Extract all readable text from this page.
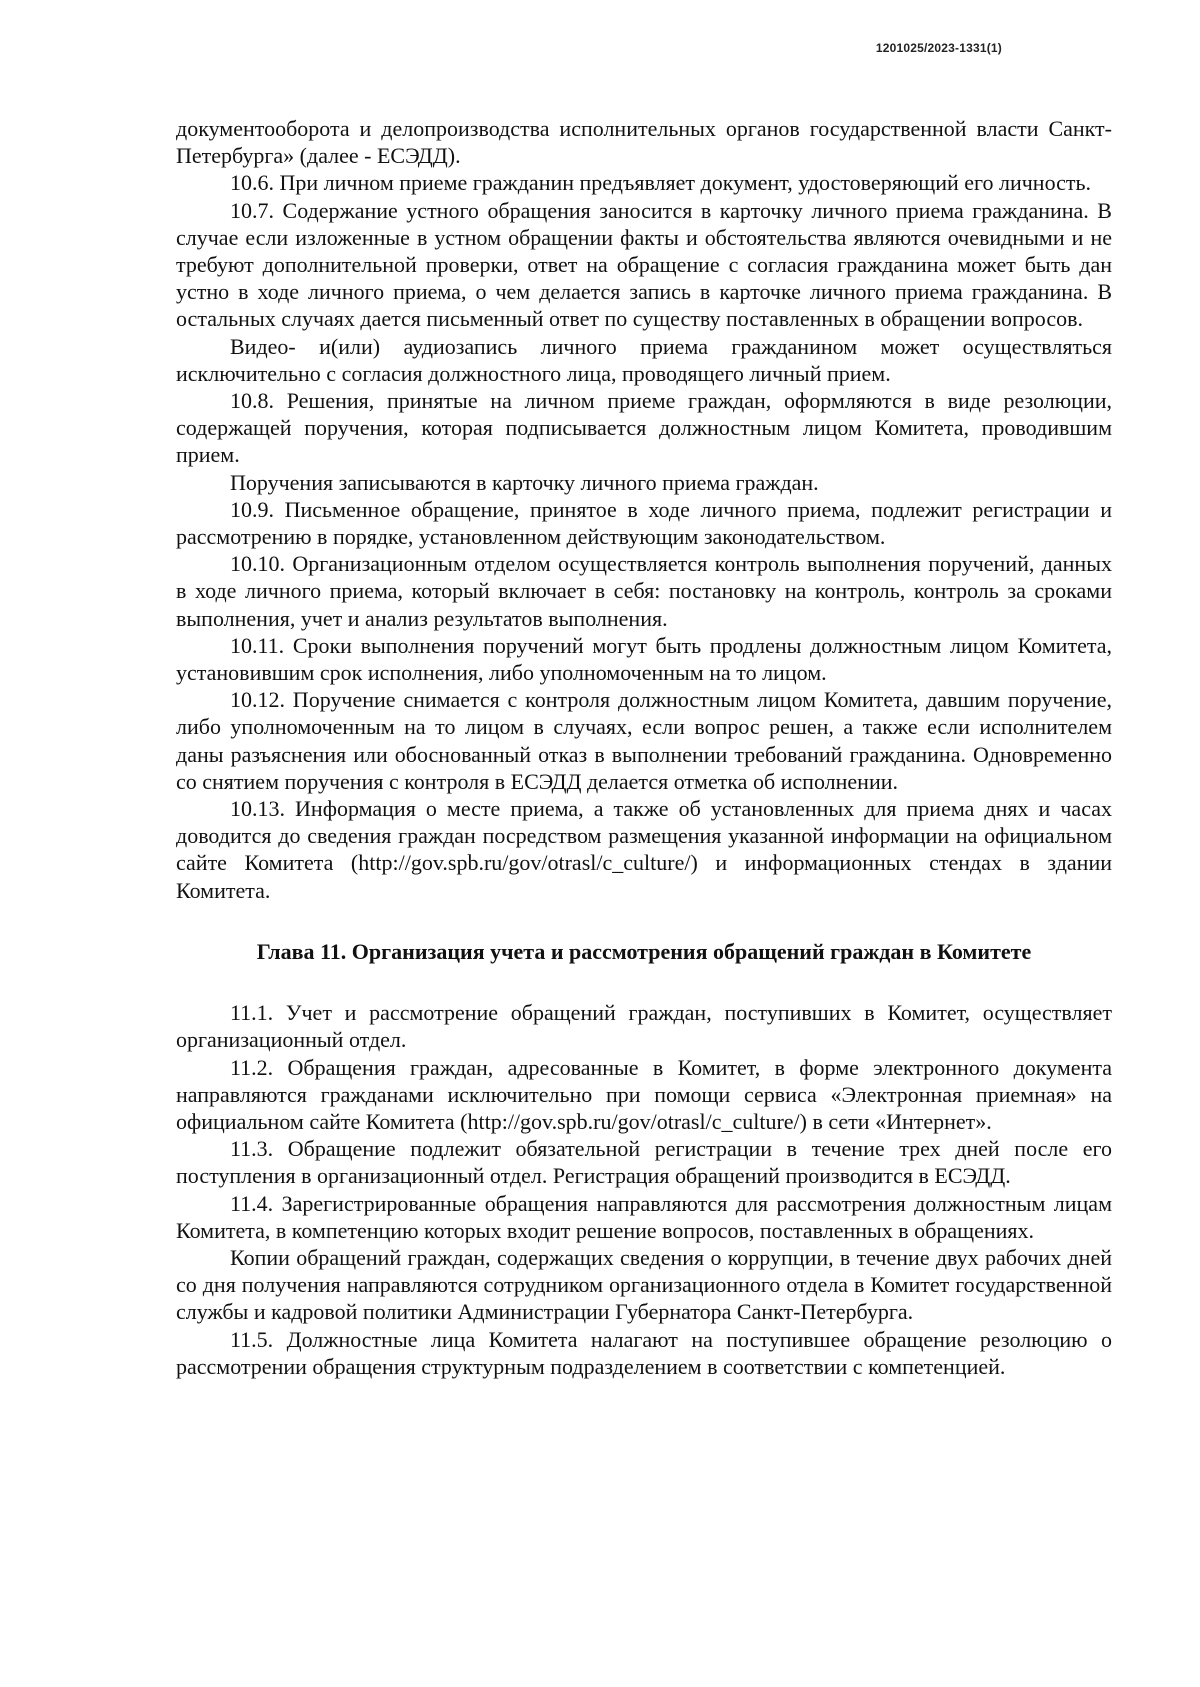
1201025/2023-1331(1)

документооборота и делопроизводства исполнительных органов государственной власти Санкт-Петербурга» (далее - ЕСЭДД).

10.6. При личном приеме гражданин предъявляет документ, удостоверяющий его личность.

10.7. Содержание устного обращения заносится в карточку личного приема гражданина. В случае если изложенные в устном обращении факты и обстоятельства являются очевидными и не требуют дополнительной проверки, ответ на обращение с согласия гражданина может быть дан устно в ходе личного приема, о чем делается запись в карточке личного приема гражданина. В остальных случаях дается письменный ответ по существу поставленных в обращении вопросов.

Видео- и(или) аудиозапись личного приема гражданином может осуществляться исключительно с согласия должностного лица, проводящего личный прием.

10.8. Решения, принятые на личном приеме граждан, оформляются в виде резолюции, содержащей поручения, которая подписывается должностным лицом Комитета, проводившим прием.

Поручения записываются в карточку личного приема граждан.

10.9. Письменное обращение, принятое в ходе личного приема, подлежит регистрации и рассмотрению в порядке, установленном действующим законодательством.

10.10. Организационным отделом осуществляется контроль выполнения поручений, данных в ходе личного приема, который включает в себя: постановку на контроль, контроль за сроками выполнения, учет и анализ результатов выполнения.

10.11. Сроки выполнения поручений могут быть продлены должностным лицом Комитета, установившим срок исполнения, либо уполномоченным на то лицом.

10.12. Поручение снимается с контроля должностным лицом Комитета, давшим поручение, либо уполномоченным на то лицом в случаях, если вопрос решен, а также если исполнителем даны разъяснения или обоснованный отказ в выполнении требований гражданина. Одновременно со снятием поручения с контроля в ЕСЭДД делается отметка об исполнении.

10.13. Информация о месте приема, а также об установленных для приема днях и часах доводится до сведения граждан посредством размещения указанной информации на официальном сайте Комитета (http://gov.spb.ru/gov/otrasl/c_culture/) и информационных стендах в здании Комитета.

Глава 11. Организация учета и рассмотрения обращений граждан в Комитете

11.1. Учет и рассмотрение обращений граждан, поступивших в Комитет, осуществляет организационный отдел.

11.2. Обращения граждан, адресованные в Комитет, в форме электронного документа направляются гражданами исключительно при помощи сервиса «Электронная приемная» на официальном сайте Комитета (http://gov.spb.ru/gov/otrasl/c_culture/) в сети «Интернет».

11.3. Обращение подлежит обязательной регистрации в течение трех дней после его поступления в организационный отдел. Регистрация обращений производится в ЕСЭДД.

11.4. Зарегистрированные обращения направляются для рассмотрения должностным лицам Комитета, в компетенцию которых входит решение вопросов, поставленных в обращениях.

Копии обращений граждан, содержащих сведения о коррупции, в течение двух рабочих дней со дня получения направляются сотрудником организационного отдела в Комитет государственной службы и кадровой политики Администрации Губернатора Санкт-Петербурга.

11.5. Должностные лица Комитета налагают на поступившее обращение резолюцию о рассмотрении обращения структурным подразделением в соответствии с компетенцией.
